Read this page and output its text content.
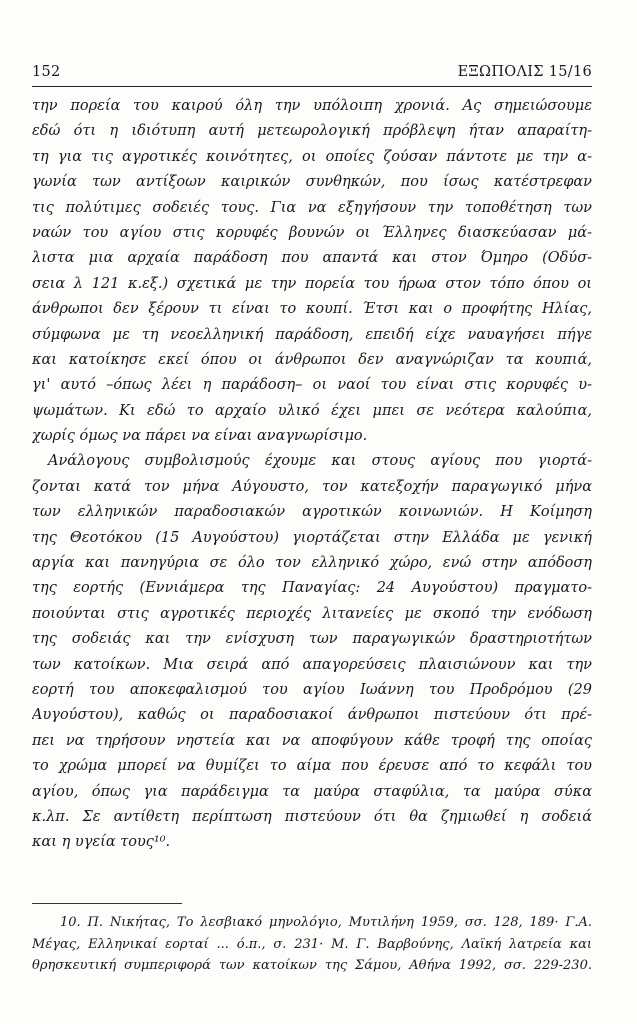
152	ΕΞΩΠΟΛΙΣ 15/16
την πορεία του καιρού όλη την υπόλοιπη χρονιά. Ας σημειώσουμε
εδώ ότι η ιδιότυπη αυτή μετεωρολογική πρόβλεψη ήταν απαραίτη-
τη για τις αγροτικές κοινότητες, οι οποίες ζούσαν πάντοτε με την α-
γωνία των αντίξοων καιρικών συνθηκών, που ίσως κατέστρεφαν
τις πολύτιμες σοδειές τους. Για να εξηγήσουν την τοποθέτηση των
ναών του αγίου στις κορυφές βουνών οι Έλληνες διασκεύασαν μά-
λιστα μια αρχαία παράδοση που απαντά και στον Όμηρο (Οδύσ-
σεια λ 121 κ.εξ.) σχετικά με την πορεία του ήρωα στον τόπο όπου οι
άνθρωποι δεν ξέρουν τι είναι το κουπί. Έτσι και ο προφήτης Ηλίας,
σύμφωνα με τη νεοελληνική παράδοση, επειδή είχε ναυαγήσει πήγε
και κατοίκησε εκεί όπου οι άνθρωποι δεν αναγνώριζαν τα κουπιά,
γι' αυτό –όπως λέει η παράδοση– οι ναοί του είναι στις κορυφές υ-
ψωμάτων. Κι εδώ το αρχαίο υλικό έχει μπει σε νεότερα καλούπια,
χωρίς όμως να πάρει να είναι αναγνωρίσιμο.
Ανάλογους συμβολισμούς έχουμε και στους αγίους που γιορτά-
ζονται κατά τον μήνα Αύγουστο, τον κατεξοχήν παραγωγικό μήνα
των ελληνικών παραδοσιακών αγροτικών κοινωνιών. Η Κοίμηση
της Θεοτόκου (15 Αυγούστου) γιορτάζεται στην Ελλάδα με γενική
αργία και πανηγύρια σε όλο τον ελληνικό χώρο, ενώ στην απόδοση
της εορτής (Εννιάμερα της Παναγίας: 24 Αυγούστου) πραγματο-
ποιούνται στις αγροτικές περιοχές λιτανείες με σκοπό την ενόδωση
της σοδειάς και την ενίσχυση των παραγωγικών δραστηριοτήτων
των κατοίκων. Μια σειρά από απαγορεύσεις πλαισιώνουν και την
εορτή του αποκεφαλισμού του αγίου Ιωάννη του Προδρόμου (29
Αυγούστου), καθώς οι παραδοσιακοί άνθρωποι πιστεύουν ότι πρέ-
πει να τηρήσουν νηστεία και να αποφύγουν κάθε τροφή της οποίας
το χρώμα μπορεί να θυμίζει το αίμα που έρευσε από το κεφάλι του
αγίου, όπως για παράδειγμα τα μαύρα σταφύλια, τα μαύρα σύκα
κ.λπ. Σε αντίθετη περίπτωση πιστεύουν ότι θα ζημιωθεί η σοδειά
και η υγεία τους¹⁰.
10. Π. Νικήτας, Το λεσβιακό μηνολόγιο, Μυτιλήνη 1959, σσ. 128, 189· Γ.Α.
Μέγας, Ελληνικαί εορταί ... ό.π., σ. 231· Μ. Γ. Βαρβούνης, Λαϊκή λατρεία και
θρησκευτική συμπεριφορά των κατοίκων της Σάμου, Αθήνα 1992, σσ. 229-230.
